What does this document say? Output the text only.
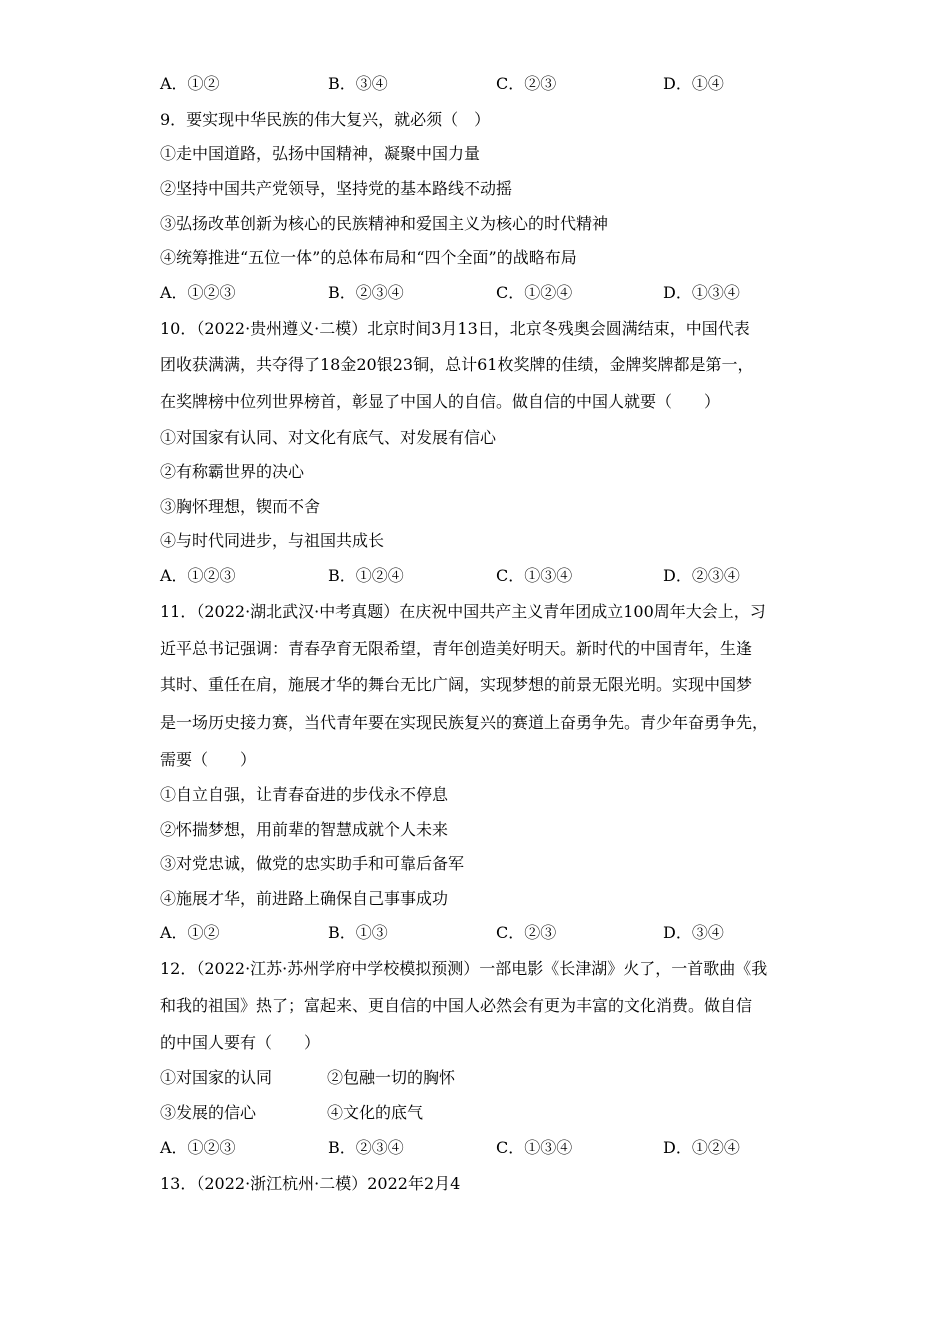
A．①②	B．③④	C．②③	D．①④
9．要实现中华民族的伟大复兴，就必须（　）
①走中国道路，弘扬中国精神，凝聚中国力量
②坚持中国共产党领导，坚持党的基本路线不动摇
③弘扬改革创新为核心的民族精神和爱国主义为核心的时代精神
④统筹推进“五位一体”的总体布局和“四个全面”的战略布局
A．①②③	B．②③④	C．①②④	D．①③④
10．（2022·贵州遵义·二模）北京时间3月13日，北京冬残奥会圆满结束，中国代表
团收获满满，共夺得了18金20银23铜，总计61枚奖牌的佳绩，金牌奖牌都是第一，
在奖牌榜中位列世界榜首，彰显了中国人的自信。做自信的中国人就要（　　）
①对国家有认同、对文化有底气、对发展有信心
②有称霸世界的决心
③胸怀理想，锲而不舍
④与时代同进步，与祖国共成长
A．①②③	B．①②④	C．①③④	D．②③④
11．（2022·湖北武汉·中考真题）在庆祝中国共产主义青年团成立100周年大会上，习
近平总书记强调：青春孕育无限希望，青年创造美好明天。新时代的中国青年，生逢
其时、重任在肩，施展才华的舞台无比广阔，实现梦想的前景无限光明。实现中国梦
是一场历史接力赛，当代青年要在实现民族复兴的赛道上奋勇争先。青少年奋勇争先，
需要（　　）
①自立自强，让青春奋进的步伐永不停息
②怀揣梦想，用前辈的智慧成就个人未来
③对党忠诚，做党的忠实助手和可靠后备军
④施展才华，前进路上确保自己事事成功
A．①②	B．①③	C．②③	D．③④
12．（2022·江苏·苏州学府中学校模拟预测）一部电影《长津湖》火了，一首歌曲《我
和我的祖国》热了；富起来、更自信的中国人必然会有更为丰富的文化消费。做自信
的中国人要有（　　）
①对国家的认同	②包融一切的胸怀
③发展的信心	④文化的底气
A．①②③	B．②③④	C．①③④	D．①②④
13．（2022·浙江杭州·二模）2022年2月4
